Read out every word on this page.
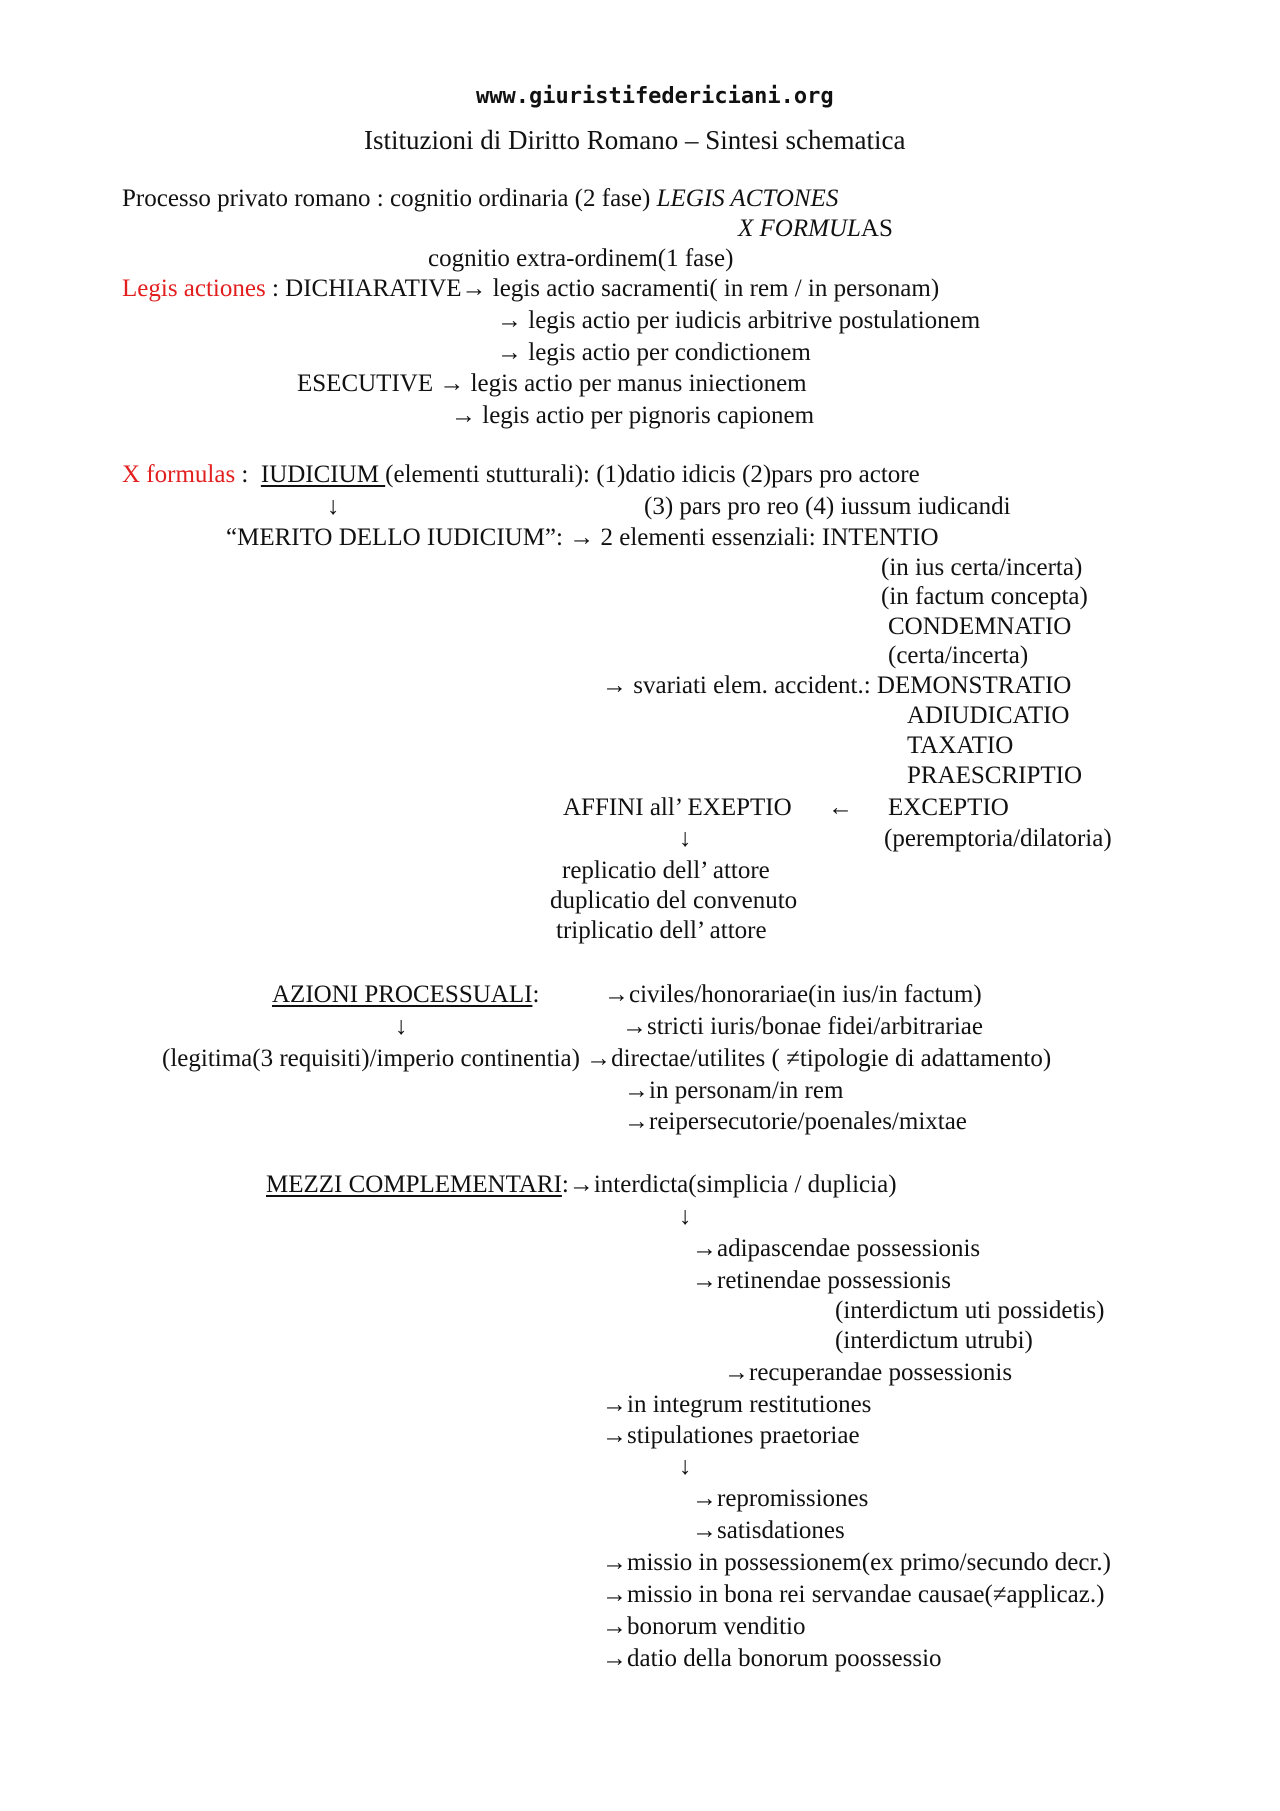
www.giuristifedericiani.org
Istituzioni di Diritto Romano – Sintesi schematica
Processo privato romano : cognitio ordinaria (2 fase) LEGIS ACTONES
X FORMULAS
cognitio extra-ordinem(1 fase)
Legis actiones : DICHIARATIVE→ legis actio sacramenti( in rem / in personam)
→ legis actio per iudicis arbitrive postulationem
→ legis actio per condictionem
ESECUTIVE → legis actio per manus iniectionem
→ legis actio per pignoris capionem
X formulas :  IUDICIUM (elementi stutturali): (1)datio idicis (2)pars pro actore
↓	(3) pars pro reo (4) iussum iudicandi
“MERITO DELLO IUDICIUM”: → 2 elementi essenziali: INTENTIO
(in ius certa/incerta)
(in factum concepta)
CONDEMNATIO
(certa/incerta)
→ svariati elem. accident.: DEMONSTRATIO
ADIUDICATIO
TAXATIO
PRAESCRIPTIO
AFFINI all’ EXEPTIO ← EXCEPTIO
↓	(peremptoria/dilatoria)
replicatio dell’ attore
duplicatio del convenuto
triplicatio dell’ attore
AZIONI PROCESSUALI:	→civiles/honorariae(in ius/in factum)
↓	→stricti iuris/bonae fidei/arbitrariae
(legitima(3 requisiti)/imperio continentia) →directae/utilites ( ≠tipologie di adattamento)
→in personam/in rem
→reipersecutorie/poenales/mixtae
MEZZI COMPLEMENTARI:→interdicta(simplicia / duplicia)
↓
→adipascendae possessionis
→retinendae possessionis
(interdictum uti possidetis)
(interdictum utrubi)
→recuperandae possessionis
→in integrum restitutiones
→stipulationes praetoriae
↓
→repromissiones
→satisdationes
→missio in possessionem(ex primo/secundo decr.)
→missio in bona rei servandae causae(≠applicaz.)
→bonorum venditio
→datio della bonorum poossessio
